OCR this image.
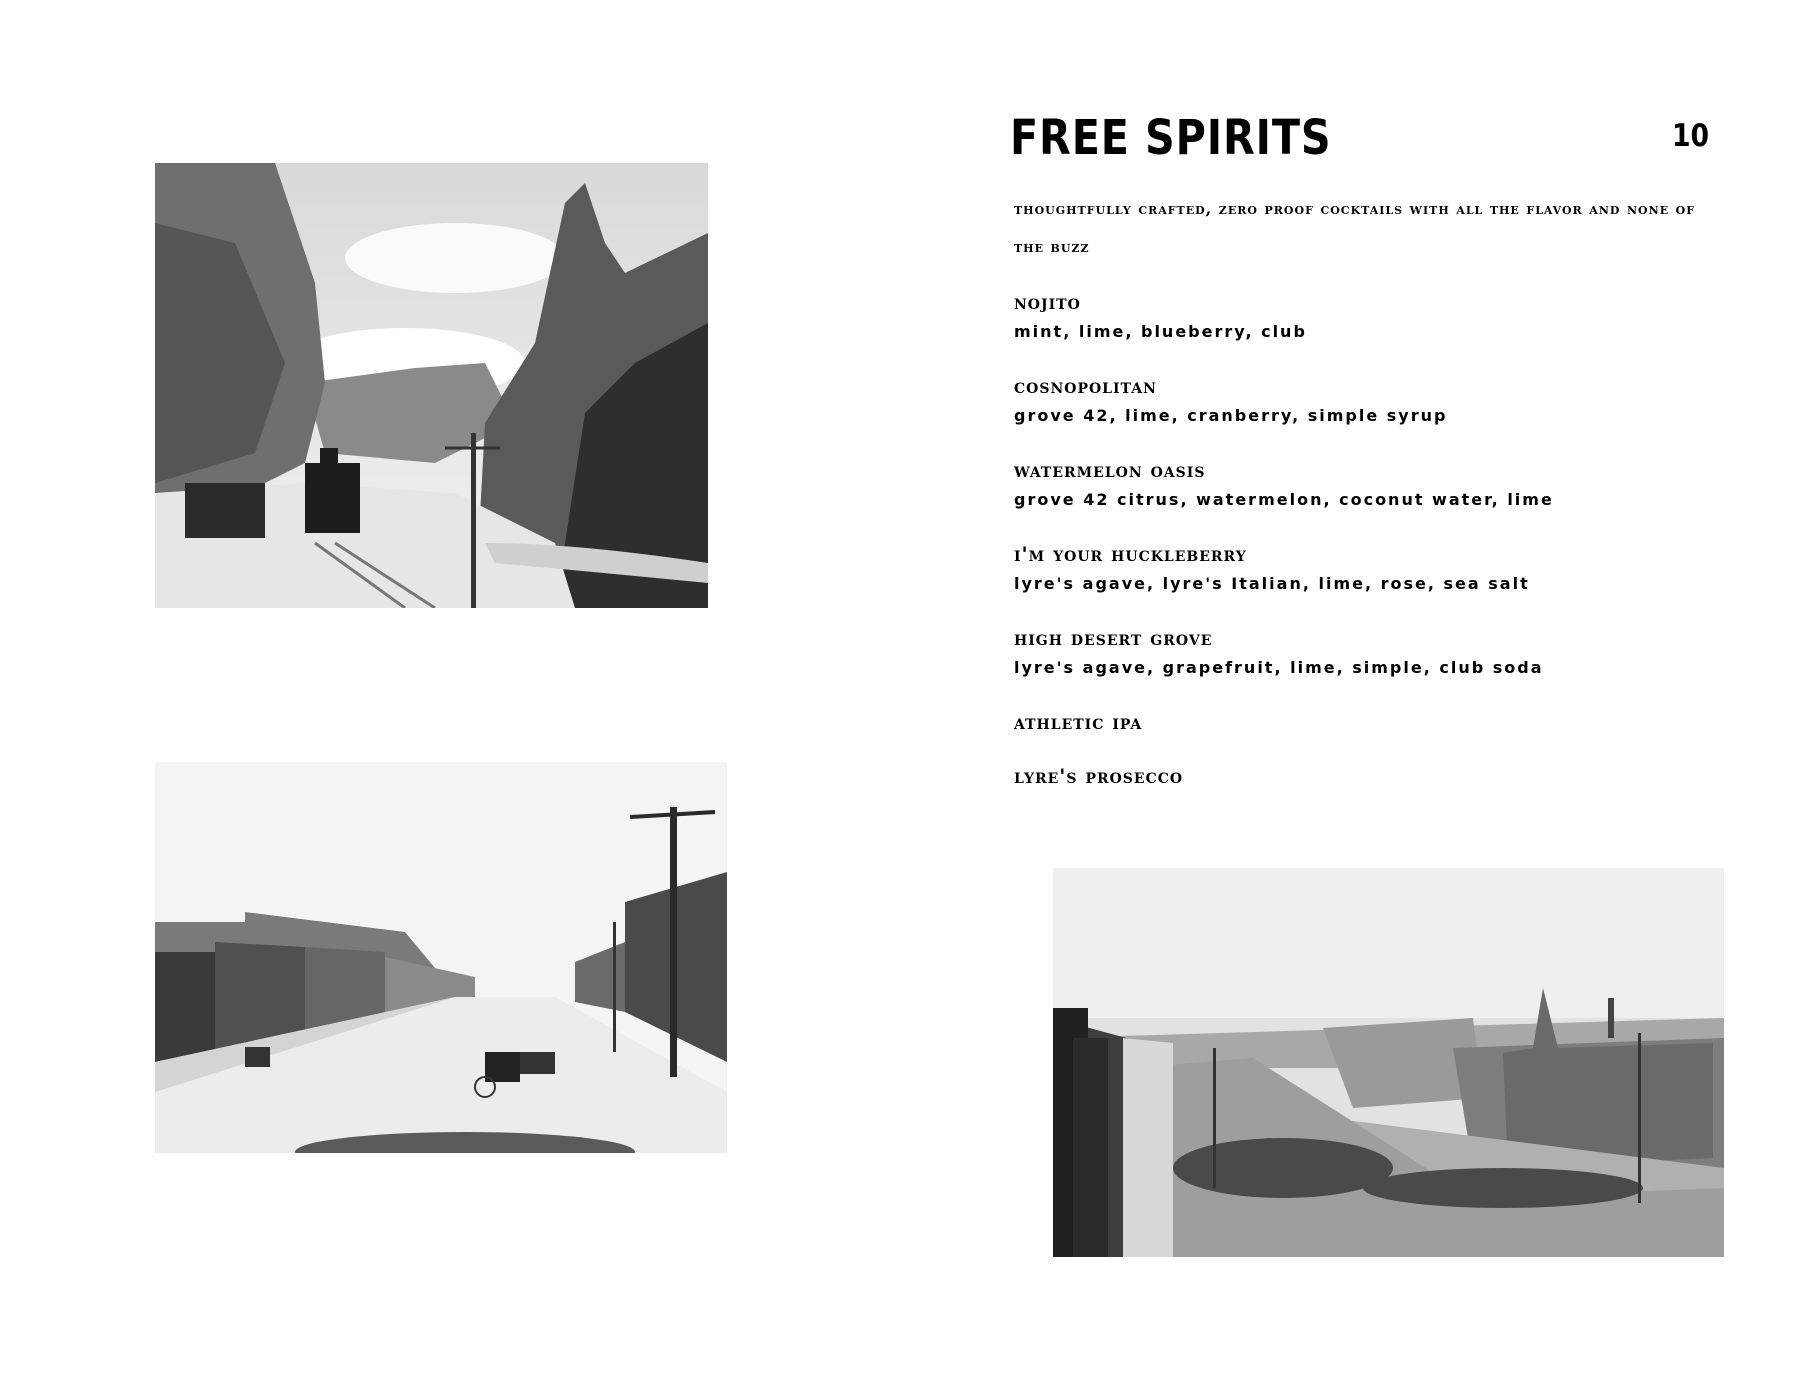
FREE SPIRITS	10

thoughtfully crafted, zero proof cocktails with all the flavor and none of the buzz

nojito
mint, lime, blueberry, club
cosnopolitan
grove 42, lime, cranberry, simple syrup
watermelon oasis
grove 42 citrus, watermelon, coconut water, lime
i'm your huckleberry
lyre's agave, lyre's Italian, lime, rose, sea salt
high desert grove
lyre's agave, grapefruit, lime, simple, club soda
athletic ipa
lyre's prosecco
